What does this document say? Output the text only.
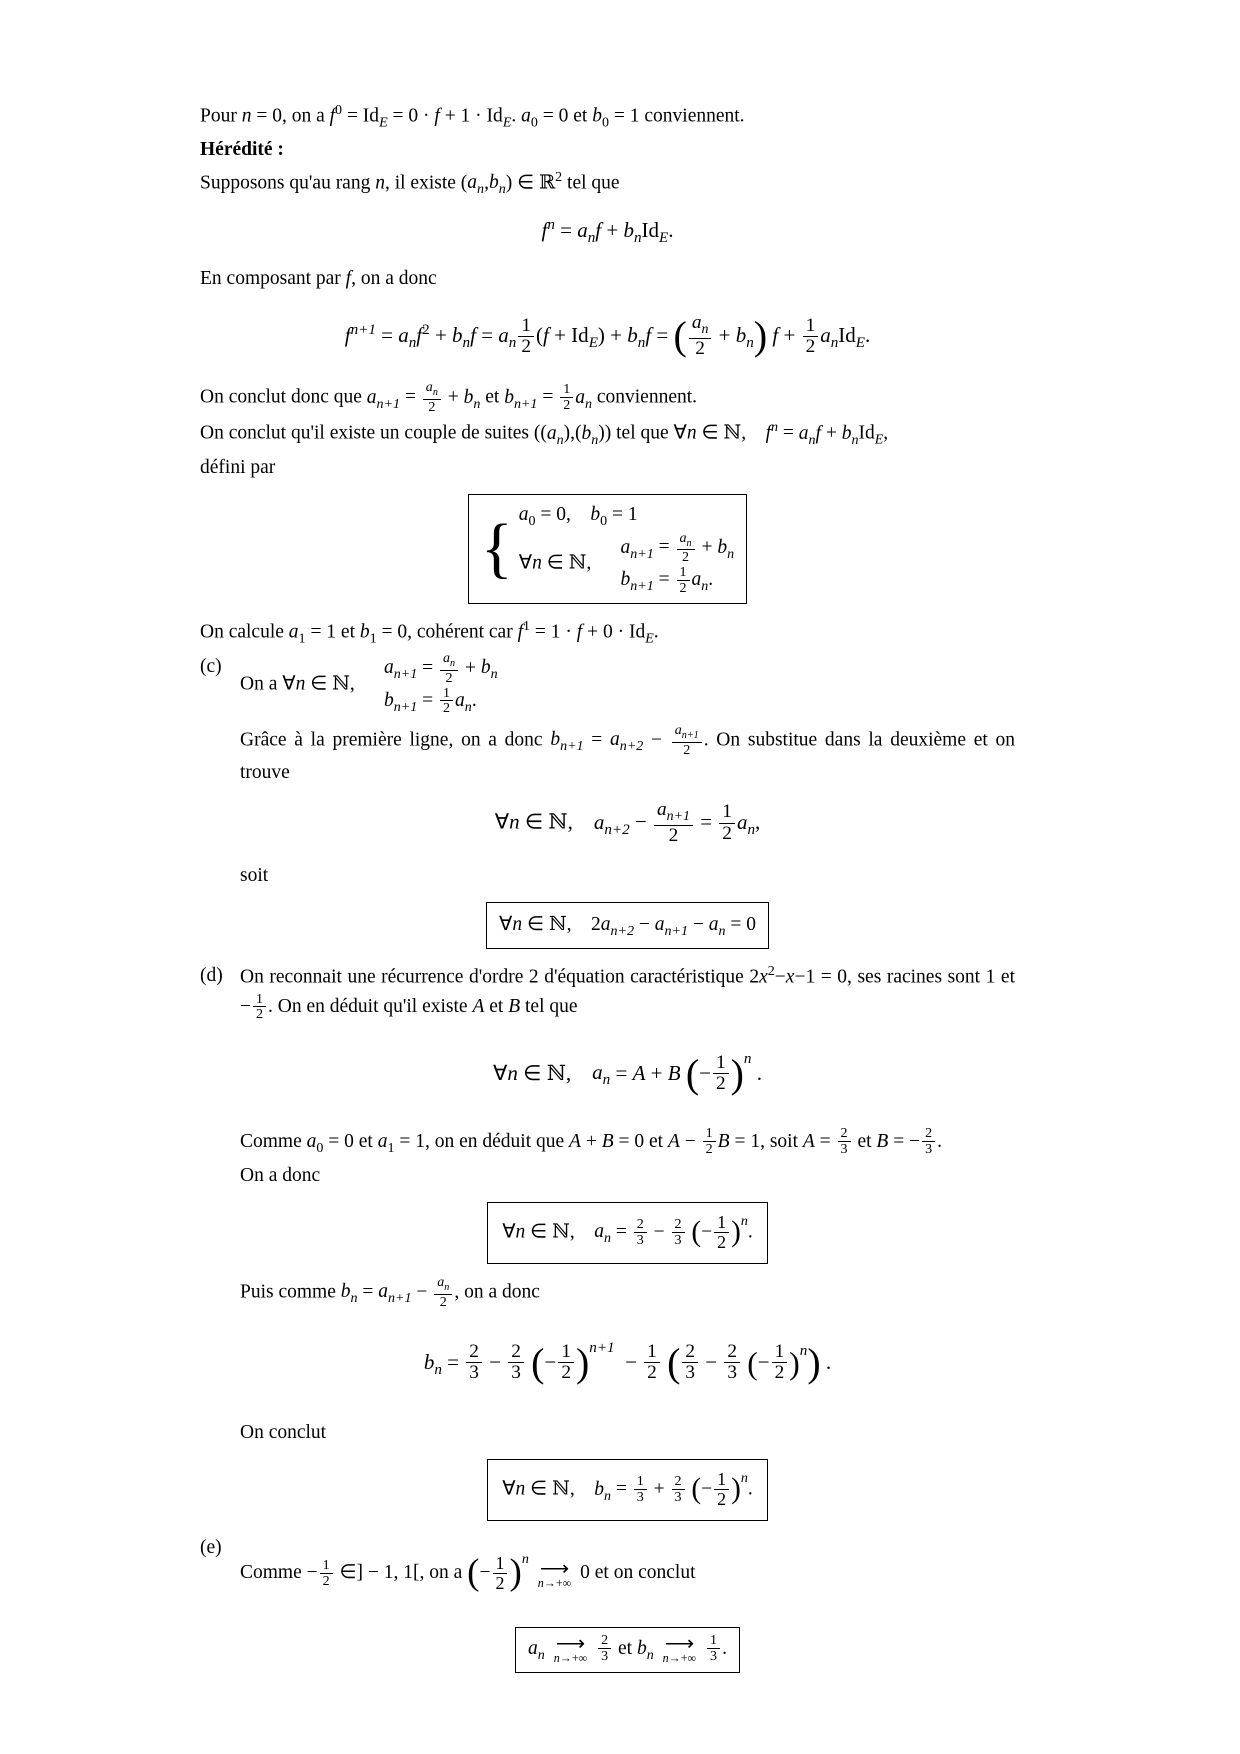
Pour n = 0, on a $f^0 = Id_E = 0 \cdot f + 1 \cdot Id_E$. $a_0 = 0$ et $b_0 = 1$ conviennent.
Hérédité :
Supposons qu'au rang n, il existe $(a_n,b_n)$ ∈ ℝ$^2$ tel que
$f^n = a_nf + b_nId_E$.
En composant par f, on a donc
$f^{n+1} = a_nf^2 + b_nf = a_n \frac{1}{2} (f + Id_E) + b_nf$ = ( $\frac{a_n}{2} + b_n$) $f + \frac{1}{2} a_nId_E$.
On conclut donc que $a_{n+1} = \frac{a_n}{2} + b_n$ et $b_{n+1} = \frac{1}{2} a_n$ conviennent.
On conclut qu'il existe un couple de suites $((a_n),(b_n))$ tel que ∀n ∈ ℕ,    $f^n = a_nf + b_nId_E$,
défini par
{ $a_0 = 0$,    $b_0 = 1$
∀n ∈ ℕ,
$a_{n+1} = \frac{a_n}{2} + b_n$
$b_{n+1} = \frac{1}{2} a_n$.
On calcule $a_1 = 1$ et $b_1 = 0$, cohérent car $f^1 = 1 \cdot f + 0 \cdot Id_E$.
(c)
On a ∀n ∈ ℕ,
$a_{n+1} = \frac{a_n}{2} + b_n$
$b_{n+1} = \frac{1}{2} a_n$.
Grâce à la première ligne, on a donc $b_{n+1} = a_{n+2} - \frac{a_{n+1}}{2}$ . On substitue dans la deuxième et on trouve
∀n ∈ ℕ,    $a_{n+2} - \frac{a_{n+1}}{2} = \frac{1}{2} a_n$,
soit
∀n ∈ ℕ,    $2a_{n+2} - a_{n+1} - a_n = 0$
(d) On reconnait une récurrence d'ordre 2 d'équation caractéristique $2x^2-x-1 = 0$, ses racines sont 1 et − $\frac{1}{2}$ . On en déduit qu'il existe A et B tel que
∀n ∈ ℕ,    $a_n = A + B$ (− $\frac{1}{2} )^n$ .
Comme $a_0 = 0$ et $a_1 = 1$, on en déduit que A + B = 0 et $A - \frac{1}{2}$ B = 1, soit $A = \frac{2}{3}$ et B = − $\frac{2}{3}$ .
On a donc
∀n ∈ ℕ,    $a_n = \frac{2}{3} - \frac{2}{3}$ (− $\frac{1}{2} )^n$.
Puis comme $b_n = a_{n+1} - \frac{a_n}{2}$ , on a donc
$b_n = \frac{2}{3} - \frac{2}{3}$ (− $\frac{1}{2} )^{n+1} - \frac{1}{2}$ ( $\frac{2}{3} - \frac{2}{3}$ (− $\frac{1}{2} )^n$) .
On conclut
∀n ∈ ℕ,    $b_n = \frac{1}{3} + \frac{2}{3}$ (− $\frac{1}{2} )^n$.
(e)
Comme − $\frac{1}{2}$ ∈] − 1, 1[, on a (− $\frac{1}{2} )^n$ ⟶
n→+∞ 0 et on conclut
$a_n$ ⟶
n→+∞
$\frac{2}{3}$ et $b_n$ ⟶
n→+∞
$\frac{1}{3}$ .
